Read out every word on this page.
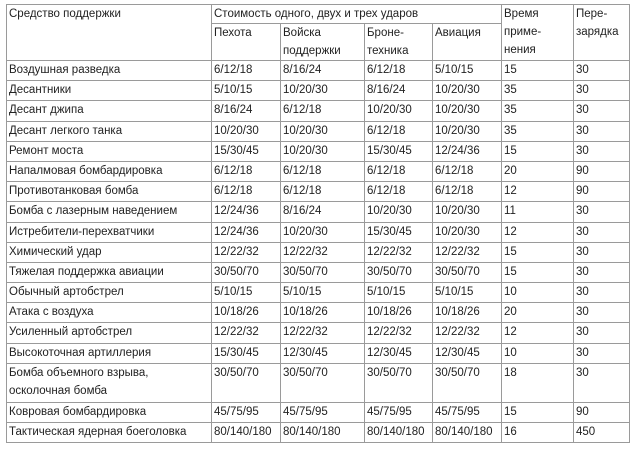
Средство поддержки	Стоимость одного, двух и трех ударов				Время приме-нения	Пере-зарядка
	Пехота	Войска поддержки	Броне-техника	Авиация		
Воздушная разведка	6/12/18	8/16/24	6/12/18	5/10/15	15	30
Десантники	5/10/15	10/20/30	8/16/24	10/20/30	35	30
Десант джипа	8/16/24	6/12/18	10/20/30	10/20/30	35	30
Десант легкого танка	10/20/30	10/20/30	6/12/18	10/20/30	35	30
Ремонт моста	15/30/45	10/20/30	15/30/45	12/24/36	15	30
Напалмовая бомбардировка	6/12/18	6/12/18	6/12/18	6/12/18	20	90
Противотанковая бомба	6/12/18	6/12/18	6/12/18	6/12/18	12	90
Бомба с лазерным наведением	12/24/36	8/16/24	10/20/30	10/20/30	11	30
Истребители-перехватчики	12/24/36	10/20/30	15/30/45	10/20/30	12	30
Химический удар	12/22/32	12/22/32	12/22/32	12/22/32	15	30
Тяжелая поддержка авиации	30/50/70	30/50/70	30/50/70	30/50/70	15	30
Обычный артобстрел	5/10/15	5/10/15	5/10/15	5/10/15	10	30
Атака с воздуха	10/18/26	10/18/26	10/18/26	10/18/26	20	30
Усиленный артобстрел	12/22/32	12/22/32	12/22/32	12/22/32	12	30
Высокоточная артиллерия	15/30/45	12/30/45	12/30/45	12/30/45	10	30
Бомба объемного взрыва, осколочная бомба	30/50/70	30/50/70	30/50/70	30/50/70	18	30
Ковровая бомбардировка	45/75/95	45/75/95	45/75/95	45/75/95	15	90
Тактическая ядерная боеголовка	80/140/180	80/140/180	80/140/180	80/140/180	16	450
